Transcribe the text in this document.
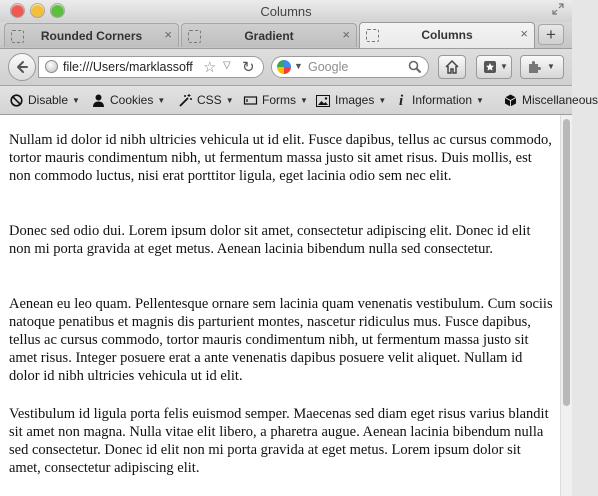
Columns
Rounded Corners	×	Gradient	×	Columns	×	+
file:///Users/marklassoff ☆ ▽ ↻	▼ Google	▼	▼
Disable ▼	Cookies ▼	CSS ▼	Forms ▼	Images ▼ i Information ▼	Miscellaneous

Nullam id dolor id nibh ultricies vehicula ut id elit. Fusce dapibus, tellus ac cursus commodo, tortor mauris condimentum nibh, ut fermentum massa justo sit amet risus. Duis mollis, est non commodo luctus, nisi erat porttitor ligula, eget lacinia odio sem nec elit.

Donec sed odio dui. Lorem ipsum dolor sit amet, consectetur adipiscing elit. Donec id elit non mi porta gravida at eget metus. Aenean lacinia bibendum nulla sed consectetur.

Aenean eu leo quam. Pellentesque ornare sem lacinia quam venenatis vestibulum. Cum sociis natoque penatibus et magnis dis parturient montes, nascetur ridiculus mus. Fusce dapibus, tellus ac cursus commodo, tortor mauris condimentum nibh, ut fermentum massa justo sit amet risus. Integer posuere erat a ante venenatis dapibus posuere velit aliquet. Nullam id dolor id nibh ultricies vehicula ut id elit.

Vestibulum id ligula porta felis euismod semper. Maecenas sed diam eget risus varius blandit sit amet non magna. Nulla vitae elit libero, a pharetra augue. Aenean lacinia bibendum nulla sed consectetur. Donec id elit non mi porta gravida at eget metus. Lorem ipsum dolor sit amet, consectetur adipiscing elit.
